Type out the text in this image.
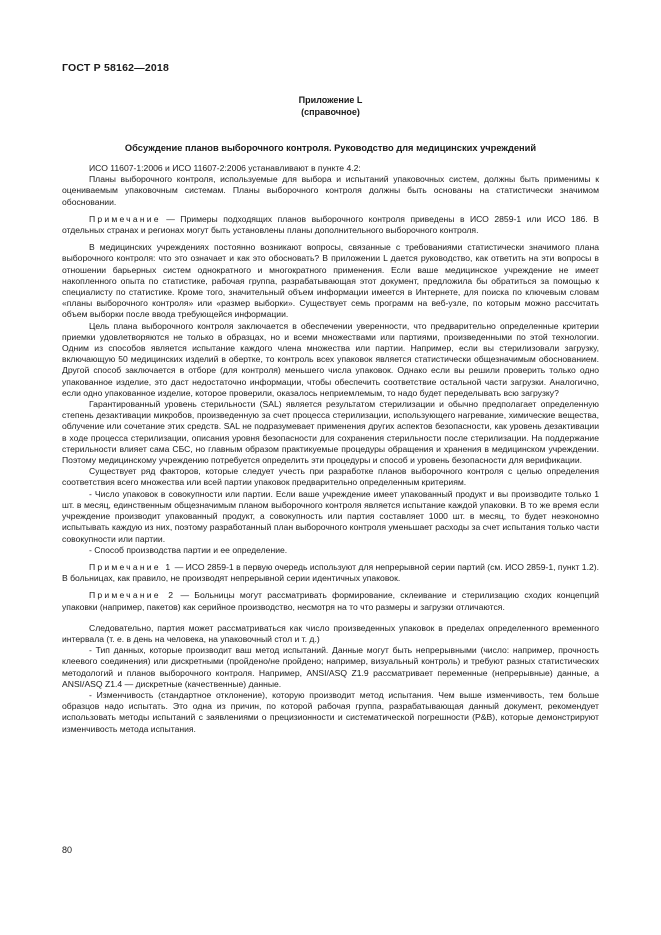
ГОСТ Р 58162—2018
Приложение L
(справочное)
Обсуждение планов выборочного контроля. Руководство для медицинских учреждений

ИСО 11607-1:2006 и ИСО 11607-2:2006 устанавливают в пункте 4.2:

Планы выборочного контроля, используемые для выбора и испытаний упаковочных систем, должны быть применимы к оцениваемым упаковочным системам. Планы выборочного контроля должны быть основаны на статистически значимом обосновании.

Примечание — Примеры подходящих планов выборочного контроля приведены в ИСО 2859-1 или ИСО 186. В отдельных странах и регионах могут быть установлены планы дополнительного выборочного контроля.

В медицинских учреждениях постоянно возникают вопросы, связанные с требованиями статистически значимого плана выборочного контроля: что это означает и как это обосновать? В приложении L дается руководство, как ответить на эти вопросы в отношении барьерных систем однократного и многократного применения. Если ваше медицинское учреждение не имеет накопленного опыта по статистике, рабочая группа, разрабатывающая этот документ, предложила бы обратиться за помощью к специалисту по статистике. Кроме того, значительный объем информации имеется в Интернете, для поиска по ключевым словам «планы выборочного контроля» или «размер выборки». Существует семь программ на веб-узле, по которым можно рассчитать объем выборки после ввода требующейся информации.

Цель плана выборочного контроля заключается в обеспечении уверенности, что предварительно определенные критерии приемки удовлетворяются не только в образцах, но и всеми множествами или партиями, произведенными по этой технологии. Одним из способов является испытание каждого члена множества или партии. Например, если вы стерилизовали загрузку, включающую 50 медицинских изделий в обертке, то контроль всех упаковок является статистически общезначимым обоснованием. Другой способ заключается в отборе (для контроля) меньшего числа упаковок. Однако если вы решили проверить только одно упакованное изделие, это даст недостаточно информации, чтобы обеспечить соответствие остальной части загрузки. Аналогично, если одно упакованное изделие, которое проверили, оказалось неприемлемым, то надо будет переделывать всю загрузку?

Гарантированный уровень стерильности (SAL) является результатом стерилизации и обычно предполагает определенную степень дезактивации микробов, произведенную за счет процесса стерилизации, использующего нагревание, химические вещества, облучение или сочетание этих средств. SAL не подразумевает применения других аспектов безопасности, как уровень дезактивации в ходе процесса стерилизации, описания уровня безопасности для сохранения стерильности после стерилизации. На поддержание стерильности влияет сама СБС, но главным образом практикуемые процедуры обращения и хранения в медицинском учреждении. Поэтому медицинскому учреждению потребуется определить эти процедуры и способ и уровень безопасности для верификации.

Существует ряд факторов, которые следует учесть при разработке планов выборочного контроля с целью определения соответствия всего множества или всей партии упаковок предварительно определенным критериям.

- Число упаковок в совокупности или партии. Если ваше учреждение имеет упакованный продукт и вы производите только 1 шт. в месяц, единственным общезначимым планом выборочного контроля является испытание каждой упаковки. В то же время если учреждение производит упакованный продукт, а совокупность или партия составляет 1000 шт. в месяц, то будет неэкономно испытывать каждую из них, поэтому разработанный план выборочного контроля уменьшает расходы за счет испытания только части совокупности или партии.

- Способ производства партии и ее определение.

Примечание 1 — ИСО 2859-1 в первую очередь используют для непрерывной серии партий (см. ИСО 2859-1, пункт 1.2). В больницах, как правило, не производят непрерывной серии идентичных упаковок.

Примечание 2 — Больницы могут рассматривать формирование, склеивание и стерилизацию сходих концепций упаковки (например, пакетов) как серийное производство, несмотря на то что размеры и загрузки отличаются.

Следовательно, партия может рассматриваться как число произведенных упаковок в пределах определенного временного интервала (т. е. в день на человека, на упаковочный стол и т. д.)

- Тип данных, которые производит ваш метод испытаний. Данные могут быть непрерывными (число: например, прочность клеевого соединения) или дискретными (пройдено/не пройдено; например, визуальный контроль) и требуют разных статистических методологий и планов выборочного контроля. Например, ANSI/ASQ Z1.9 рассматривает переменные (непрерывные) данные, а ANSI/ASQ Z1.4 — дискретные (качественные) данные.

- Изменчивость (стандартное отклонение), которую производит метод испытания. Чем выше изменчивость, тем больше образцов надо испытать. Это одна из причин, по которой рабочая группа, разрабатывающая данный документ, рекомендует использовать методы испытаний с заявлениями о прецизионности и систематической погрешности (P&B), которые демонстрируют изменчивость метода испытания.

80
